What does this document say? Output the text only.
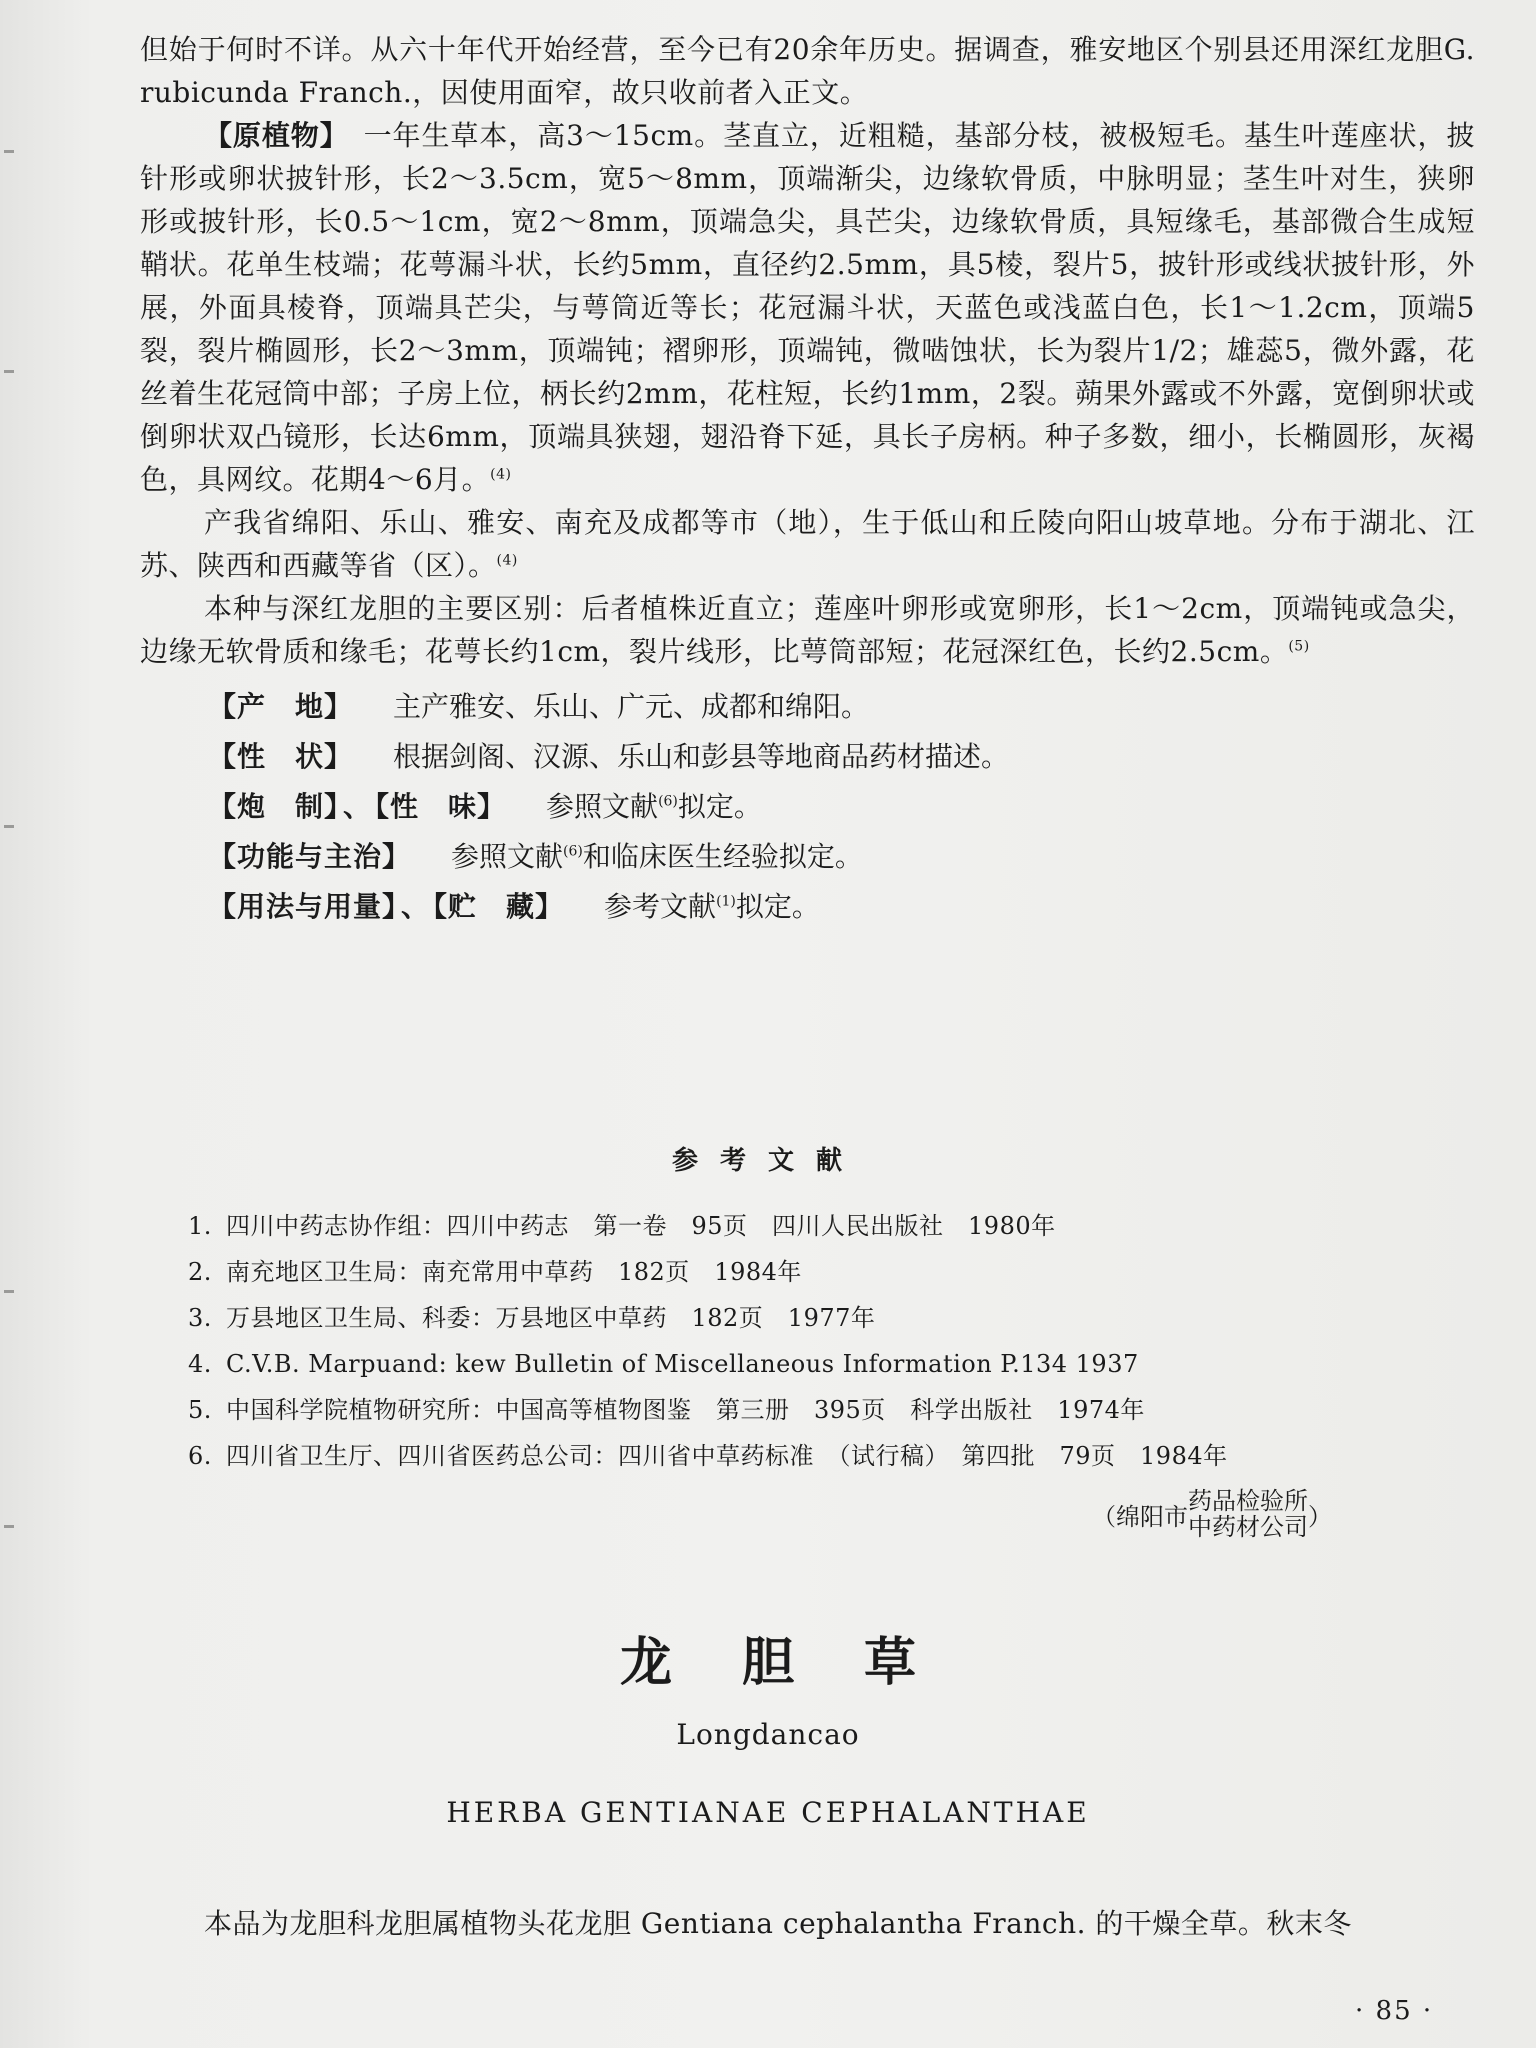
但始于何时不详。从六十年代开始经营，至今已有20余年历史。据调查，雅安地区个别县还用深红龙胆G. rubicunda Franch.，因使用面窄，故只收前者入正文。

【原植物】　 一年生草本，高3～15cm。茎直立，近粗糙，基部分枝，被极短毛。基生叶莲座状，披针形或卵状披针形，长2～3.5cm，宽5～8mm，顶端渐尖，边缘软骨质，中脉明显；茎生叶对生，狭卵形或披针形，长0.5～1cm，宽2～8mm，顶端急尖，具芒尖，边缘软骨质，具短缘毛，基部微合生成短鞘状。花单生枝端；花萼漏斗状，长约5mm，直径约2.5mm，具5棱，裂片5，披针形或线状披针形，外展，外面具棱脊，顶端具芒尖，与萼筒近等长；花冠漏斗状，天蓝色或浅蓝白色，长1～1.2cm，顶端5裂，裂片椭圆形，长2～3mm，顶端钝；褶卵形，顶端钝，微啮蚀状，长为裂片1/2；雄蕊5，微外露，花丝着生花冠筒中部；子房上位，柄长约2mm，花柱短，长约1mm，2裂。蒴果外露或不外露，宽倒卵状或倒卵状双凸镜形，长达6mm，顶端具狭翅，翅沿脊下延，具长子房柄。种子多数，细小，长椭圆形，灰褐色，具网纹。花期4～6月。$^{(4)}$

产我省绵阳、乐山、雅安、南充及成都等市（地），生于低山和丘陵向阳山坡草地。分布于湖北、江苏、陕西和西藏等省（区）。$^{(4)}$

本种与深红龙胆的主要区别：后者植株近直立；莲座叶卵形或宽卵形，长1～2cm，顶端钝或急尖，边缘无软骨质和缘毛；花萼长约1cm，裂片线形，比萼筒部短；花冠深红色，长约2.5cm。$^{(5)}$

【产　地】 主产雅安、乐山、广元、成都和绵阳。

【性　状】 根据剑阁、汉源、乐山和彭县等地商品药材描述。

【炮　制】 、 【性　味】 参照文献$^{(6)}$拟定。

【功能与主治】 参照文献$^{(6)}$和临床医生经验拟定。

【用法与用量】 、 【贮　藏】 参考文献$^{(1)}$拟定。

参考文献
1. 四川中药志协作组：四川中药志　第一卷　95页　四川人民出版社　1980年
2. 南充地区卫生局：南充常用中草药　182页　1984年
3. 万县地区卫生局、科委：万县地区中草药　182页　1977年
4. C.V.B. Marpuand: kew Bulletin of Miscellaneous Information P.134 1937
5. 中国科学院植物研究所：中国高等植物图鉴　第三册　395页　科学出版社　1974年
6. 四川省卫生厅、四川省医药总公司：四川省中草药标准　（试行稿）　第四批　79页　1984年
（绵阳市
药品检验所
中药材公司 ）
龙胆草
Longdancao
HERBA GENTIANAE CEPHALANTHAE

本品为龙胆科龙胆属植物头花龙胆 Gentiana cephalantha Franch. 的干燥全草。秋末冬

· 85 ·
